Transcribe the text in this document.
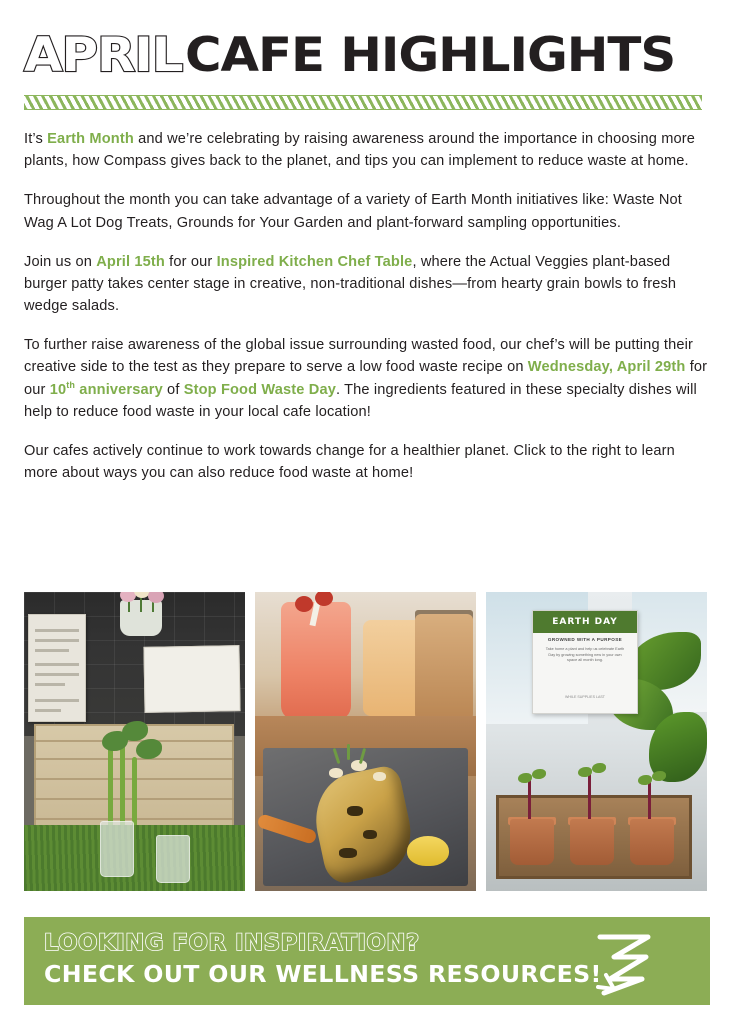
APRIL CAFE HIGHLIGHTS

It’s Earth Month and we’re celebrating by raising awareness around the importance in choosing more plants, how Compass gives back to the planet, and tips you can implement to reduce waste at home.

Throughout the month you can take advantage of a variety of Earth Month initiatives like: Waste Not Wag A Lot Dog Treats, Grounds for Your Garden and plant-forward sampling opportunities.

Join us on April 15th for our Inspired Kitchen Chef Table, where the Actual Veggies plant-based burger patty takes center stage in creative, non-traditional dishes—from hearty grain bowls to fresh wedge salads.

To further raise awareness of the global issue surrounding wasted food, our chef’s will be putting their creative side to the test as they prepare to serve a low food waste recipe on Wednesday, April 29th for our 10th anniversary of Stop Food Waste Day. The ingredients featured in these specialty dishes will help to reduce food waste in your local cafe location!

Our cafes actively continue to work towards change for a healthier planet. Click to the right to learn more about ways you can also reduce food waste at home!

EARTH DAY
GROWNED WITH A PURPOSE
Take home a plant and help us celebrate Earth Day by growing something new in your own space all month long.
WHILE SUPPLIES LAST
LOOKING FOR INSPIRATION?
CHECK OUT OUR WELLNESS RESOURCES!
